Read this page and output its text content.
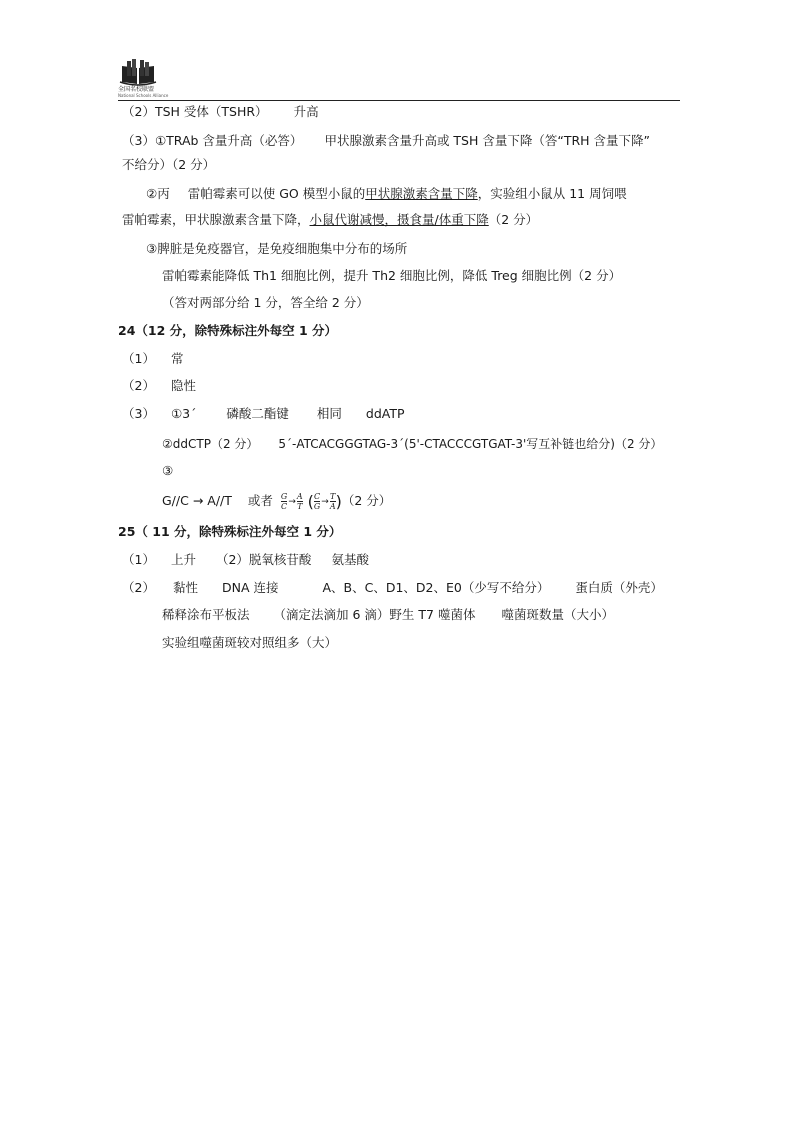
全国名校联盟
National Schools Alliance
（2）TSH 受体（TSHR） 升高
（3）①TRAb 含量升高（必答） 甲状腺激素含量升高或 TSH 含量下降（答“TRH 含量下降”
不给分）（2 分）
②丙 雷帕霉素可以使 GO 模型小鼠的甲状腺激素含量下降，实验组小鼠从 11 周饲喂
雷帕霉素，甲状腺激素含量下降，小鼠代谢减慢，摄食量/体重下降（2 分）
③脾脏是免疫器官，是免疫细胞集中分布的场所
雷帕霉素能降低 Th1 细胞比例，提升 Th2 细胞比例，降低 Treg 细胞比例（2 分）
（答对两部分给 1 分，答全给 2 分）
24（12 分，除特殊标注外每空 1 分）
（1） 常
（2） 隐性
（3） ①3ˊ 磷酸二酯键 相同 ddATP
②ddCTP（2 分） 5ˊ-ATCACGGGTAG-3ˊ(5'-CTACCCGTGAT-3'写互补链也给分)（2 分）
③
G//C → A//T 或者 $\frac{G}{C} \to \frac{A}{T}$ ( $\frac{C}{G} \to \frac{T}{A} )(2$ 分）
25（ 11 分，除特殊标注外每空 1 分）
（1） 上升 （2）脱氧核苷酸 氨基酸
（2） 黏性 DNA 连接	A、B、C、D1、D2、E0（少写不给分） 蛋白质（外壳）
稀释涂布平板法 （滴定法滴加 6 滴）野生 T7 噬菌体 噬菌斑数量（大小）
实验组噬菌斑较对照组多（大）
